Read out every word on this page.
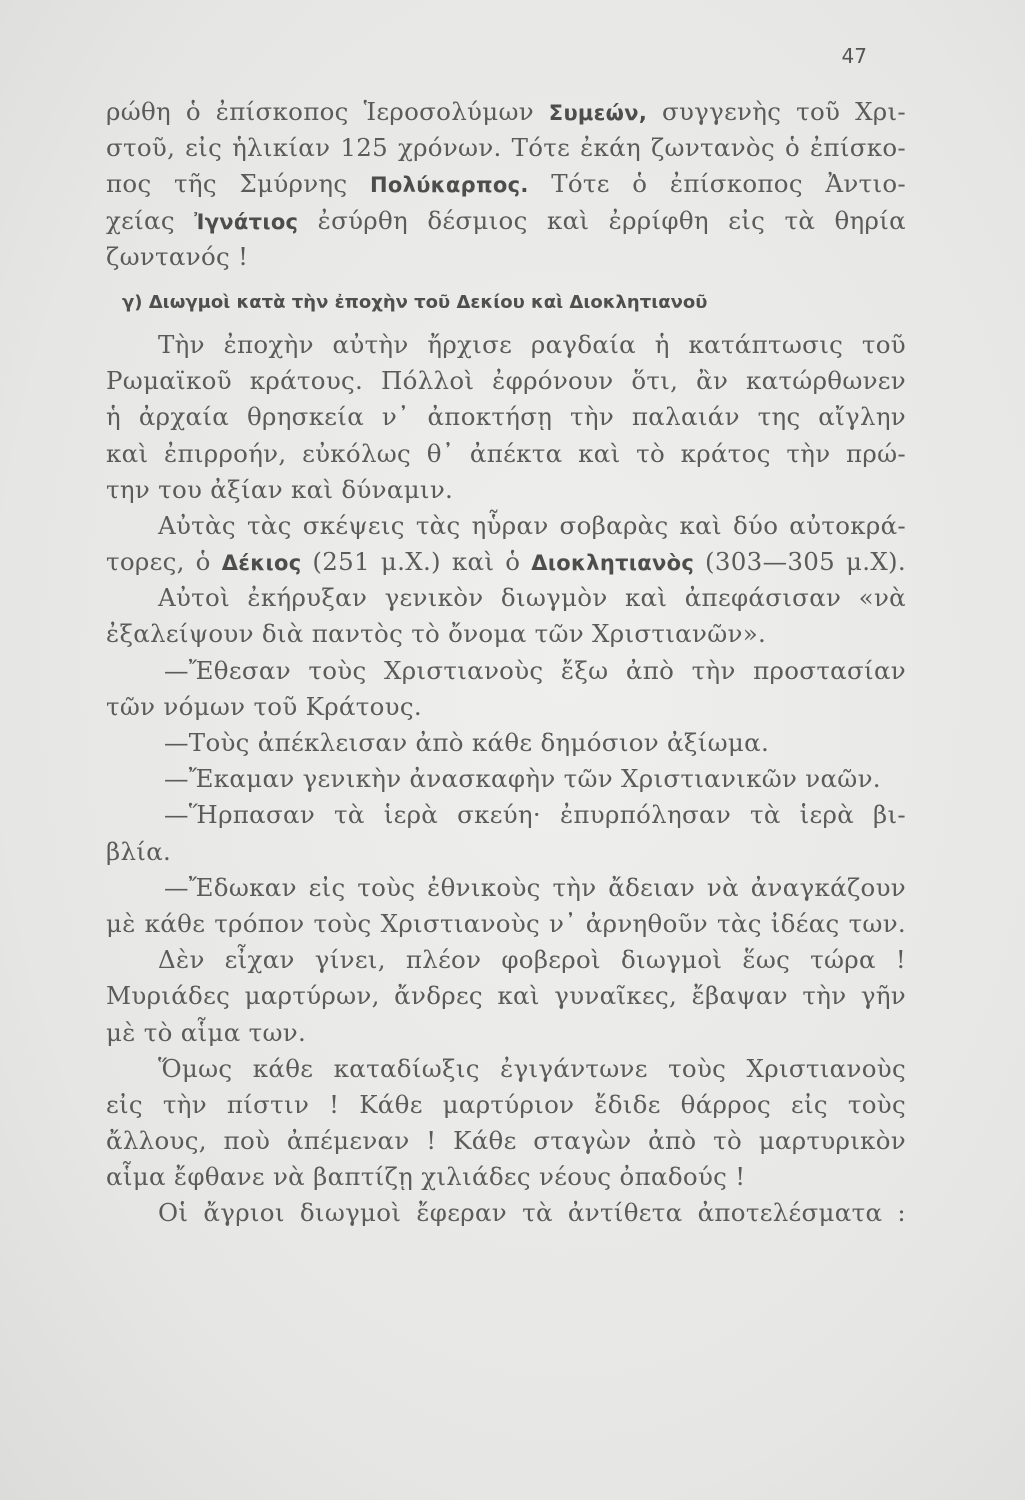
47
ρώθη ὁ ἐπίσκοπος Ἱεροσολύμων Συμεών, συγγενὴς τοῦ Χρι-
στοῦ, εἰς ἡλικίαν 125 χρόνων. Τότε ἐκάη ζωντανὸς ὁ ἐπίσκο-
πος τῆς Σμύρνης Πολύκαρπος. Τότε ὁ ἐπίσκοπος Ἀντιο-
χείας Ἰγνάτιος ἐσύρθη δέσμιος καὶ ἐρρίφθη εἰς τὰ θηρία
ζωντανός !
γ) Διωγμοὶ κατὰ τὴν ἐποχὴν τοῦ Δεκίου καὶ Διοκλητιανοῦ
Τὴν ἐποχὴν αὐτὴν ἤρχισε ραγδαία ἡ κατάπτωσις τοῦ
Ρωμαϊκοῦ κράτους. Πόλλοὶ ἐφρόνουν ὅτι, ἂν κατώρθωνεν
ἡ ἀρχαία θρησκεία ν᾽ ἀποκτήσῃ τὴν παλαιάν της αἴγλην
καὶ ἐπιρροήν, εὐκόλως θ᾽ ἀπέκτα καὶ τὸ κράτος τὴν πρώ-
την του ἀξίαν καὶ δύναμιν.
Αὐτὰς τὰς σκέψεις τὰς ηὗραν σοβαρὰς καὶ δύο αὐτοκρά-
τορες, ὁ Δέκιος (251 μ.Χ.) καὶ ὁ Διοκλητιανὸς (303—305 μ.Χ).
Αὐτοὶ ἐκήρυξαν γενικὸν διωγμὸν καὶ ἀπεφάσισαν «νὰ
ἐξαλείψουν διὰ παντὸς τὸ ὄνομα τῶν Χριστιανῶν».
—Ἔθεσαν τοὺς Χριστιανοὺς ἔξω ἀπὸ τὴν προστασίαν
τῶν νόμων τοῦ Κράτους.
—Τοὺς ἀπέκλεισαν ἀπὸ κάθε δημόσιον ἀξίωμα.
—Ἔκαμαν γενικὴν ἀνασκαφὴν τῶν Χριστιανικῶν ναῶν.
—Ἥρπασαν τὰ ἱερὰ σκεύη· ἐπυρπόλησαν τὰ ἱερὰ βι-
βλία.
—Ἔδωκαν εἰς τοὺς ἐθνικοὺς τὴν ἄδειαν νὰ ἀναγκάζουν
μὲ κάθε τρόπον τοὺς Χριστιανοὺς ν᾽ ἀρνηθοῦν τὰς ἰδέας των.
Δὲν εἶχαν γίνει, πλέον φοβεροὶ διωγμοὶ ἕως τώρα !
Μυριάδες μαρτύρων, ἄνδρες καὶ γυναῖκες, ἔβαψαν τὴν γῆν
μὲ τὸ αἷμα των.
Ὅμως κάθε καταδίωξις ἐγιγάντωνε τοὺς Χριστιανοὺς
εἰς τὴν πίστιν ! Κάθε μαρτύριον ἔδιδε θάρρος εἰς τοὺς
ἄλλους, ποὺ ἀπέμεναν ! Κάθε σταγὼν ἀπὸ τὸ μαρτυρικὸν
αἷμα ἔφθανε νὰ βαπτίζῃ χιλιάδες νέους ὀπαδούς !
Οἱ ἄγριοι διωγμοὶ ἔφεραν τὰ ἀντίθετα ἀποτελέσματα :
